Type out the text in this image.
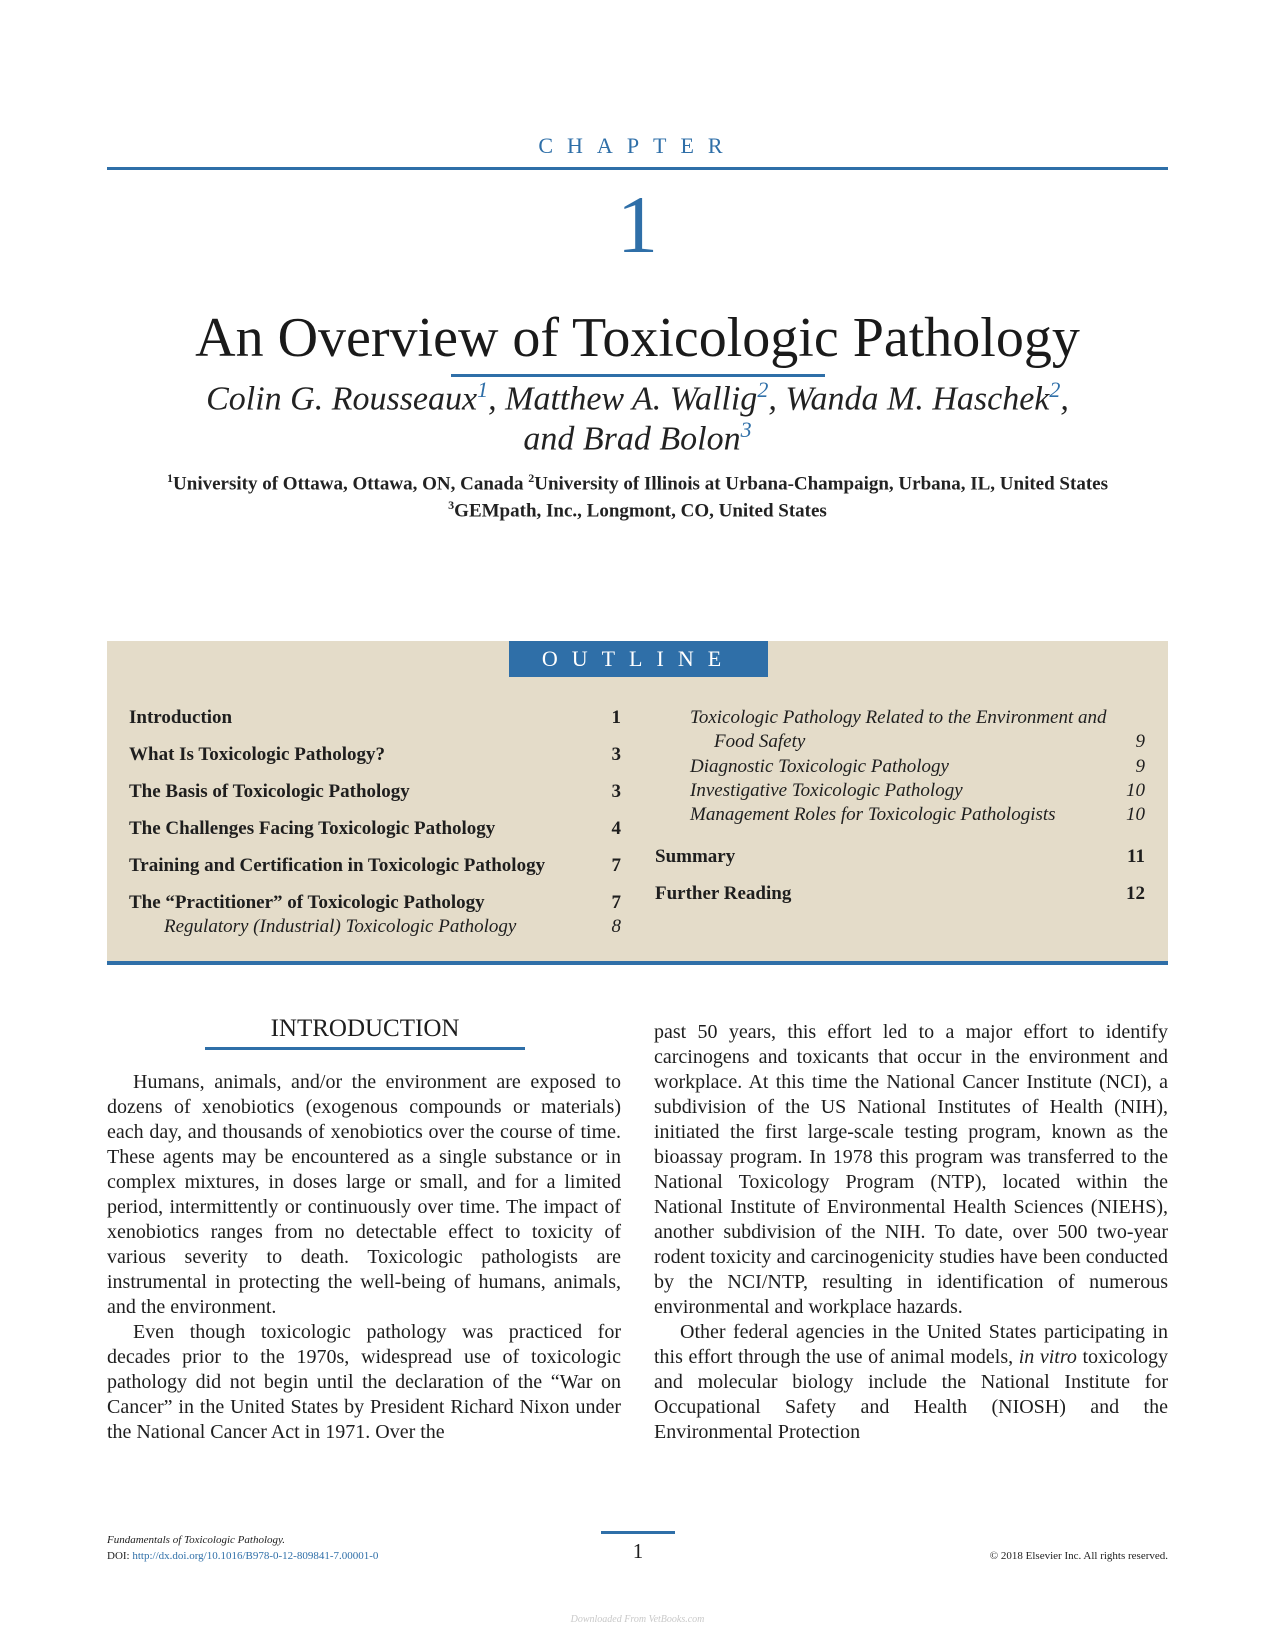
CHAPTER
1
An Overview of Toxicologic Pathology
Colin G. Rousseaux$^1$, Matthew A. Wallig$^2$, Wanda M. Haschek$^2$,
and Brad Bolon$^3$
$^1$University of Ottawa, Ottawa, ON, Canada $^2$University of Illinois at Urbana-Champaign, Urbana, IL, United States
$^3$GEMpath, Inc., Longmont, CO, United States
OUTLINE
Introduction	1
What Is Toxicologic Pathology?	3
The Basis of Toxicologic Pathology	3
The Challenges Facing Toxicologic Pathology	4
Training and Certification in Toxicologic Pathology	7
The “Practitioner” of Toxicologic Pathology	7
Regulatory (Industrial) Toxicologic Pathology	8
Toxicologic Pathology Related to the Environment and
Food Safety	9
Diagnostic Toxicologic Pathology	9
Investigative Toxicologic Pathology	10
Management Roles for Toxicologic Pathologists	10
Summary	11
Further Reading	12
INTRODUCTION

Humans, animals, and/or the environment are exposed to dozens of xenobiotics (exogenous compounds or materials) each day, and thousands of xenobiotics over the course of time. These agents may be encountered as a single substance or in complex mixtures, in doses large or small, and for a limited period, intermittently or continuously over time. The impact of xenobiotics ranges from no detectable effect to toxicity of various severity to death. Toxicologic pathologists are instrumental in protecting the well-being of humans, animals, and the environment.

Even though toxicologic pathology was practiced for decades prior to the 1970s, widespread use of toxicologic pathology did not begin until the declaration of the “War on Cancer” in the United States by President Richard Nixon under the National Cancer Act in 1971. Over the

past 50 years, this effort led to a major effort to identify carcinogens and toxicants that occur in the environment and workplace. At this time the National Cancer Institute (NCI), a subdivision of the US National Institutes of Health (NIH), initiated the first large-scale testing program, known as the bioassay program. In 1978 this program was transferred to the National Toxicology Program (NTP), located within the National Institute of Environmental Health Sciences (NIEHS), another subdivision of the NIH. To date, over 500 two-year rodent toxicity and carcinogenicity studies have been conducted by the NCI/NTP, resulting in identification of numerous environmental and workplace hazards.

Other federal agencies in the United States participating in this effort through the use of animal models, in vitro toxicology and molecular biology include the National Institute for Occupational Safety and Health (NIOSH) and the Environmental Protection

Fundamentals of Toxicologic Pathology.
DOI: http://dx.doi.org/10.1016/B978-0-12-809841-7.00001-0	1	© 2018 Elsevier Inc. All rights reserved.
Downloaded From VetBooks.com
